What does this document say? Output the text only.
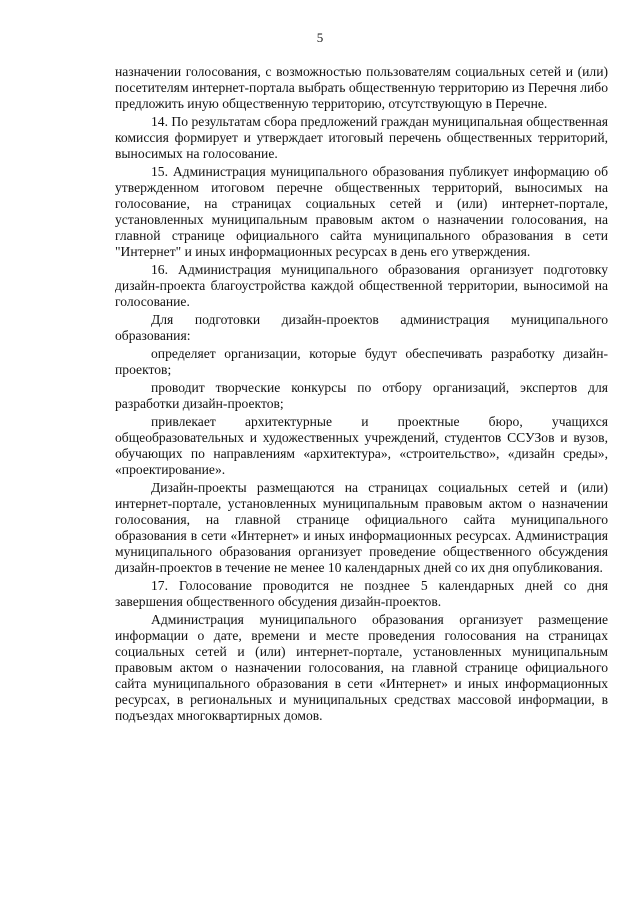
5

назначении голосования, с возможностью пользователям социальных сетей и (или) посетителям интернет-портала выбрать общественную территорию из Перечня либо предложить иную общественную территорию, отсутствующую в Перечне.

14. По результатам сбора предложений граждан муниципальная общественная комиссия формирует и утверждает итоговый перечень общественных территорий, выносимых на голосование.

15. Администрация муниципального образования публикует информацию об утвержденном итоговом перечне общественных территорий, выносимых на голосование, на страницах социальных сетей и (или) интернет-портале, установленных муниципальным правовым актом о назначении голосования, на главной странице официального сайта муниципального образования в сети "Интернет" и иных информационных ресурсах в день его утверждения.

16. Администрация муниципального образования организует подготовку дизайн-проекта благоустройства каждой общественной территории, выносимой на голосование.

Для подготовки дизайн-проектов администрация муниципального образования:

определяет организации, которые будут обеспечивать разработку дизайн-проектов;

проводит творческие конкурсы по отбору организаций, экспертов для разработки дизайн-проектов;

привлекает архитектурные и проектные бюро, учащихся общеобразовательных и художественных учреждений, студентов ССУЗов и вузов, обучающих по направлениям «архитектура», «строительство», «дизайн среды», «проектирование».

Дизайн-проекты размещаются на страницах социальных сетей и (или) интернет-портале, установленных муниципальным правовым актом о назначении голосования, на главной странице официального сайта муниципального образования в сети «Интернет» и иных информационных ресурсах. Администрация муниципального образования организует проведение общественного обсуждения дизайн-проектов в течение не менее 10 календарных дней со их дня опубликования.

17. Голосование проводится не позднее 5 календарных дней со дня завершения общественного обсудения дизайн-проектов.

Администрация муниципального образования организует размещение информации о дате, времени и месте проведения голосования на страницах социальных сетей и (или) интернет-портале, установленных муниципальным правовым актом о назначении голосования, на главной странице официального сайта муниципального образования в сети «Интернет» и иных информационных ресурсах, в региональных и муниципальных средствах массовой информации, в подъездах многоквартирных домов.
